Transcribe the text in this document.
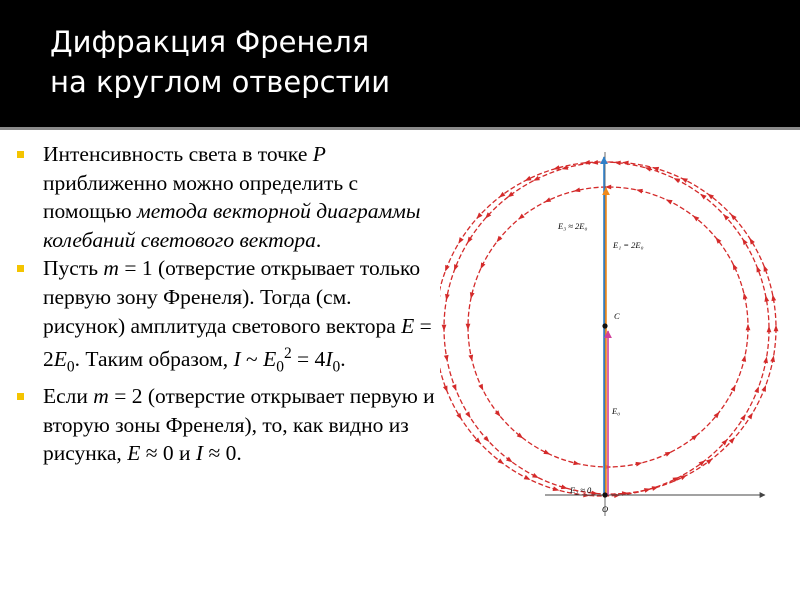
Дифракция Френеля
на круглом отверстии
Интенсивность света в точке P приближенно можно определить с помощью метода векторной диаграммы колебаний светового вектора.
Пусть m = 1 (отверстие открывает только первую зону Френеля). Тогда (см. рисунок) амплитуда светового вектора $E = 2E_0$. Таким образом, I ~ $E_0^2 = 4I_0$.
Если m = 2 (отверстие открывает первую и вторую зоны Френеля), то, как видно из рисунка, E ≈ 0 и I ≈ 0.
E₃ ≈ 2E₀
E₁ = 2E₀
C
E₀
E₂ ≈ 0
O
